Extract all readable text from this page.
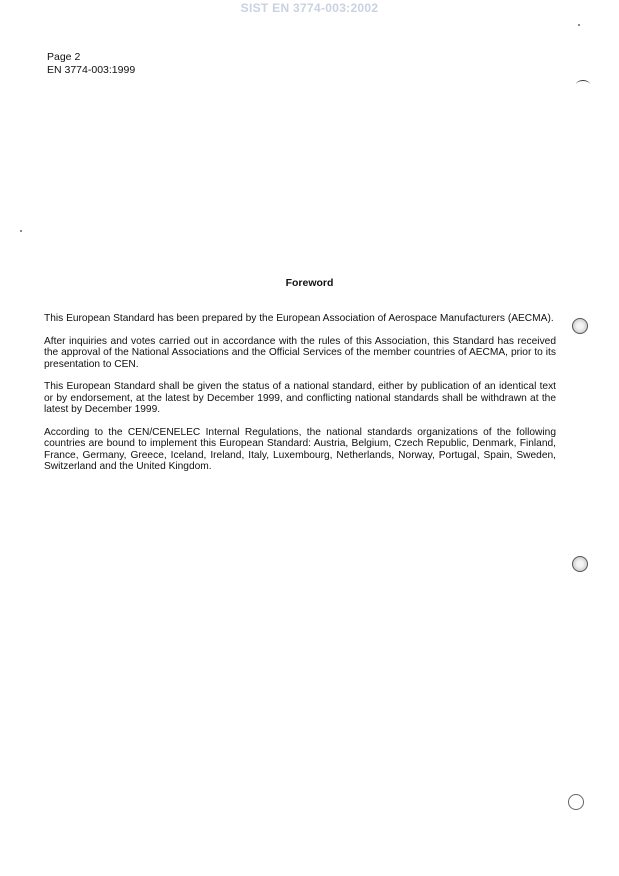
SIST EN 3774-003:2002
Page 2
EN 3774-003:1999
Foreword

This European Standard has been prepared by the European Association of Aerospace Manufacturers (AECMA).

After inquiries and votes carried out in accordance with the rules of this Association, this Standard has received the approval of the National Associations and the Official Services of the member countries of AECMA, prior to its presentation to CEN.

This European Standard shall be given the status of a national standard, either by publication of an identical text or by endorsement, at the latest by December 1999, and conflicting national standards shall be withdrawn at the latest by December 1999.

According to the CEN/CENELEC Internal Regulations, the national standards organizations of the following countries are bound to implement this European Standard: Austria, Belgium, Czech Republic, Denmark, Finland, France, Germany, Greece, Iceland, Ireland, Italy, Luxembourg, Netherlands, Norway, Portugal, Spain, Sweden, Switzerland and the United Kingdom.
